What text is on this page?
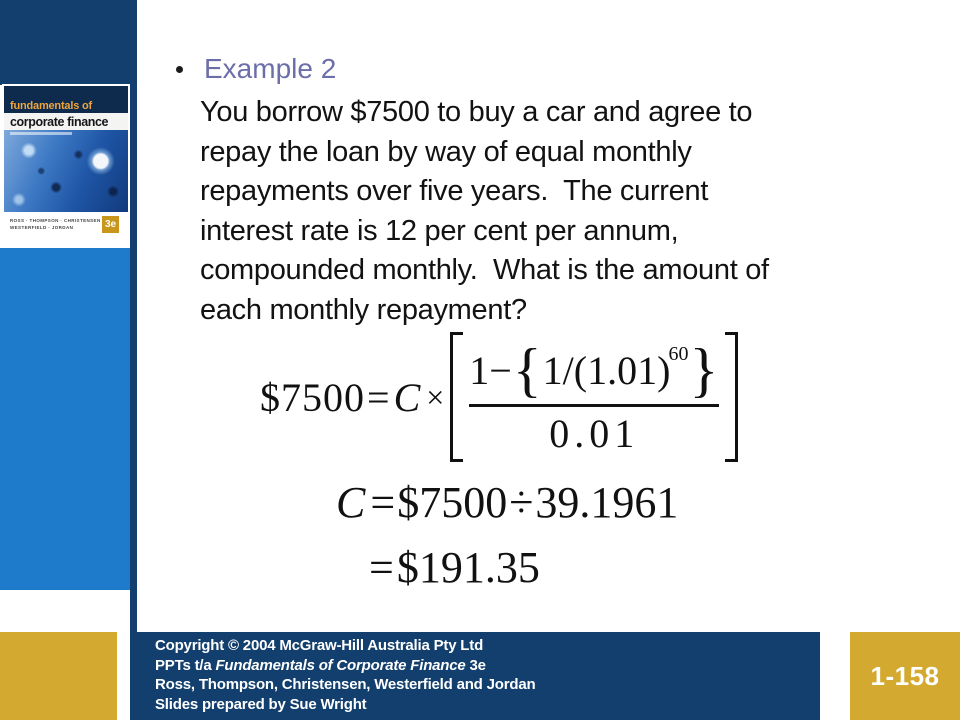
fundamentals of
corporate finance
ROSS · THOMPSON · CHRISTENSEN
WESTERFIELD · JORDAN	3e
Example 2
You borrow $7500 to buy a car and agree to
repay the loan by way of equal monthly
repayments over five years.  The current
interest rate is 12 per cent per annum,
compounded monthly.  What is the amount of
each monthly repayment?
$7500 = C × 1− { 1/(1.01)
60 }
0.01
C = $7500 ÷ 39.1961
= $191.35
Copyright © 2004 McGraw-Hill Australia Pty Ltd
PPTs t/a Fundamentals of Corporate Finance 3e
Ross, Thompson, Christensen, Westerfield and Jordan
Slides prepared by Sue Wright
1-158
